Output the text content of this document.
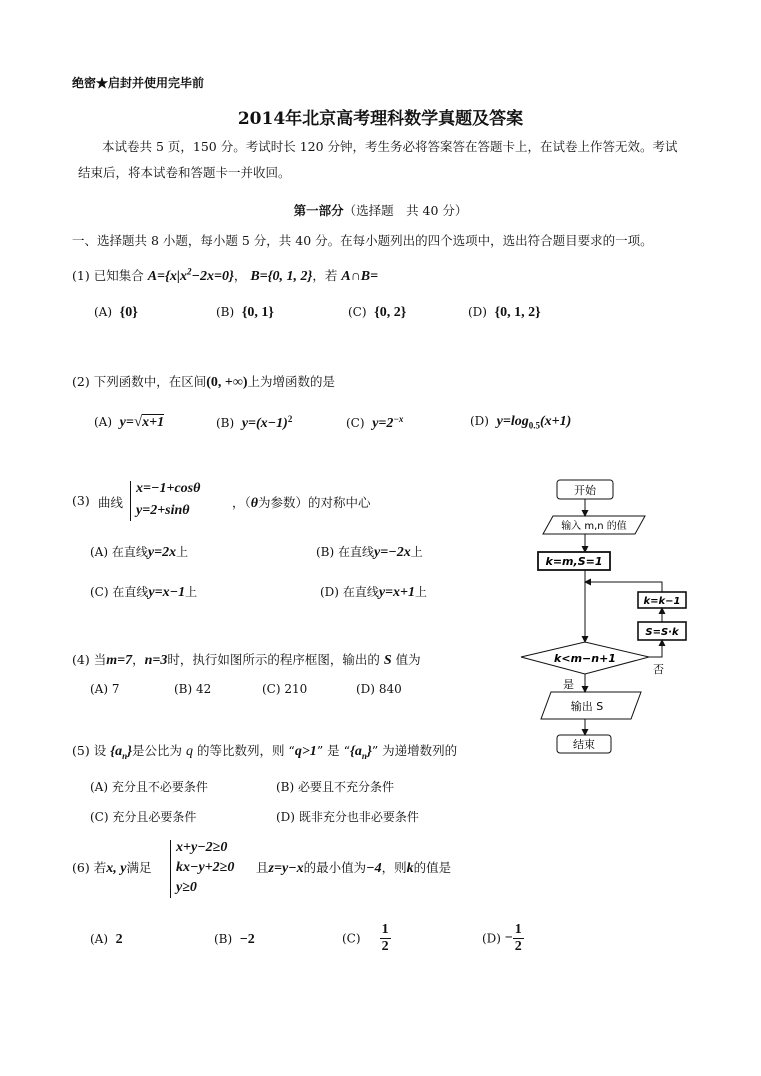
绝密★启封并使用完毕前
2014年北京高考理科数学真题及答案
本试卷共 5 页，150 分。考试时长 120 分钟，考生务必将答案答在答题卡上，在试卷上作答无效。考试结束后，将本试卷和答题卡一并收回。
第一部分（选择题　共 40 分）
一、选择题共 8 小题，每小题 5 分，共 40 分。在每小题列出的四个选项中，选出符合题目要求的一项。
(1) 已知集合 $A=\{x|x^2-2x=0\}$， B={0, 1, 2}，若 A∩B=
(A) {0}	(B) {0, 1}	(C) {0, 2}	(D) {0, 1, 2}
(2) 下列函数中，在区间(0, +∞)上为增函数的是
(A) y=√x+1	(B) $y=(x-1)^2$	(C) $y=2^{-x}$	(D) $y=\log_{0.5}(x+1)$
(3) 曲线
x=−1+cosθ
y=2+sinθ
，（θ为参数）的对称中心
(A) 在直线y=2x上	(B) 在直线y=−2x上
(C) 在直线y=x−1上	(D) 在直线y=x+1上
(4) 当m=7，n=3时，执行如图所示的程序框图，输出的 S 值为
(A) 7	(B) 42	(C) 210	(D) 840
开始
输入 m,n 的值
k=m,S=1
k=k−1
S=S·k
k<m−n+1
否
是
输出 S
结束
(5) 设 $\{a_n\}$是公比为 q 的等比数列，则 “q>1” 是 “$\{a_n\}$” 为递增数列的
(A) 充分且不必要条件	(B) 必要且不充分条件
(C) 充分且必要条件	(D) 既非充分也非必要条件
(6) 若x, y满足
x+y−2≥0
kx−y+2≥0
y≥0
且z=y−x的最小值为−4，则k的值是
(A) 2	(B) −2	$(C) \frac{1}{2}$	$(D) - \frac{1}{2}$
